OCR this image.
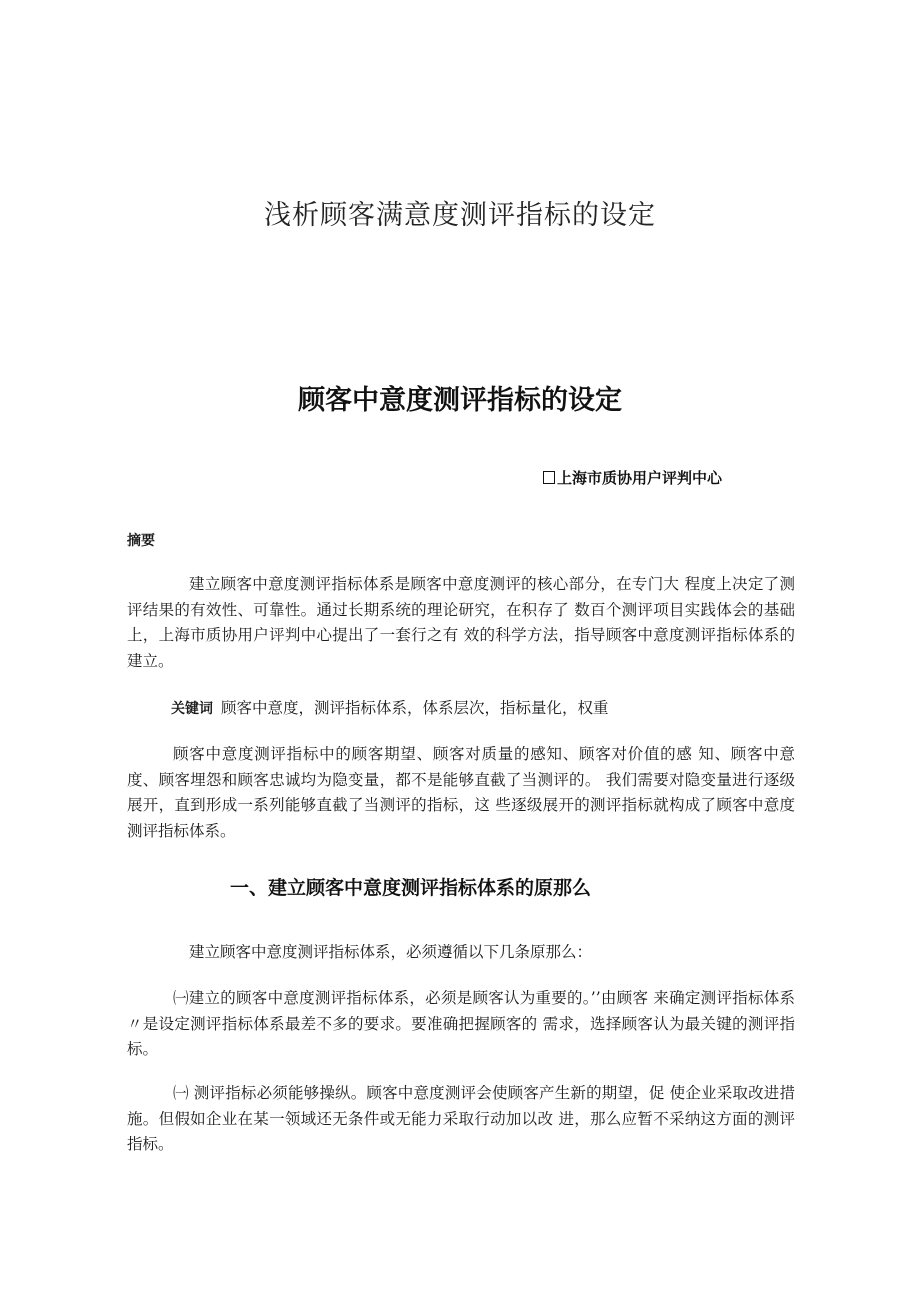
浅析顾客满意度测评指标的设定
顾客中意度测评指标的设定
上海市质协用户评判中心
摘要
建立顾客中意度测评指标体系是顾客中意度测评的核心部分，在专门大 程度上决定了测评结果的有效性、可靠性。通过长期系统的理论研究，在积存了 数百个测评项目实践体会的基础上，上海市质协用户评判中心提出了一套行之有 效的科学方法，指导顾客中意度测评指标体系的建立。
关键词 顾客中意度，测评指标体系，体系层次，指标量化，权重
顾客中意度测评指标中的顾客期望、顾客对质量的感知、顾客对价值的感 知、顾客中意度、顾客埋怨和顾客忠诚均为隐变量，都不是能够直截了当测评的。 我们需要对隐变量进行逐级展开，直到形成一系列能够直截了当测评的指标，这 些逐级展开的测评指标就构成了顾客中意度测评指标体系。
一、建立顾客中意度测评指标体系的原那么
建立顾客中意度测评指标体系，必须遵循以下几条原那么：
㈠建立的顾客中意度测评指标体系，必须是顾客认为重要的。’’由顾客 来确定测评指标体系〃是设定测评指标体系最差不多的要求。要准确把握顾客的 需求，选择顾客认为最关键的测评指标。
㈠ 测评指标必须能够操纵。顾客中意度测评会使顾客产生新的期望，促 使企业采取改进措施。但假如企业在某一领域还无条件或无能力采取行动加以改 进，那么应暂不采纳这方面的测评指标。
